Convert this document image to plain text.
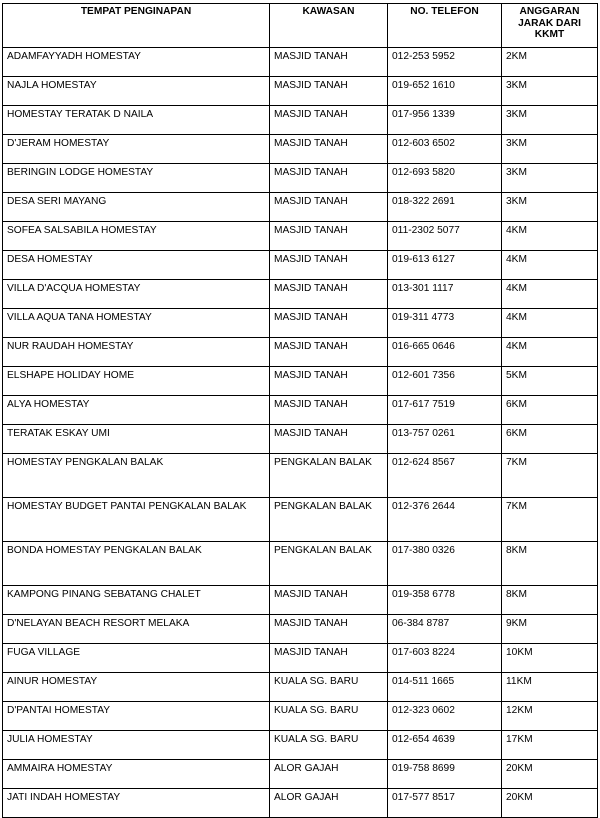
TEMPAT PENGINAPAN	KAWASAN	NO. TELEFON	ANGGARAN JARAK DARI KKMT
ADAMFAYYADH HOMESTAY	MASJID TANAH	012-253 5952	2KM
NAJLA HOMESTAY	MASJID TANAH	019-652 1610	3KM
HOMESTAY TERATAK D NAILA	MASJID TANAH	017-956 1339	3KM
D'JERAM HOMESTAY	MASJID TANAH	012-603 6502	3KM
BERINGIN LODGE HOMESTAY	MASJID TANAH	012-693 5820	3KM
DESA SERI MAYANG	MASJID TANAH	018-322 2691	3KM
SOFEA SALSABILA HOMESTAY	MASJID TANAH	011-2302 5077	4KM
DESA HOMESTAY	MASJID TANAH	019-613 6127	4KM
VILLA D'ACQUA HOMESTAY	MASJID TANAH	013-301 1117	4KM
VILLA AQUA TANA HOMESTAY	MASJID TANAH	019-311 4773	4KM
NUR RAUDAH HOMESTAY	MASJID TANAH	016-665 0646	4KM
ELSHAPE HOLIDAY HOME	MASJID TANAH	012-601 7356	5KM
ALYA HOMESTAY	MASJID TANAH	017-617 7519	6KM
TERATAK ESKAY UMI	MASJID TANAH	013-757 0261	6KM
HOMESTAY PENGKALAN BALAK	PENGKALAN BALAK	012-624 8567	7KM
HOMESTAY BUDGET PANTAI PENGKALAN BALAK	PENGKALAN BALAK	012-376 2644	7KM
BONDA HOMESTAY PENGKALAN BALAK	PENGKALAN BALAK	017-380 0326	8KM
KAMPONG PINANG SEBATANG CHALET	MASJID TANAH	019-358 6778	8KM
D'NELAYAN BEACH RESORT MELAKA	MASJID TANAH	06-384 8787	9KM
FUGA VILLAGE	MASJID TANAH	017-603 8224	10KM
AINUR HOMESTAY	KUALA SG. BARU	014-511 1665	11KM
D'PANTAI HOMESTAY	KUALA SG. BARU	012-323 0602	12KM
JULIA HOMESTAY	KUALA SG. BARU	012-654 4639	17KM
AMMAIRA HOMESTAY	ALOR GAJAH	019-758 8699	20KM
JATI INDAH HOMESTAY	ALOR GAJAH	017-577 8517	20KM
